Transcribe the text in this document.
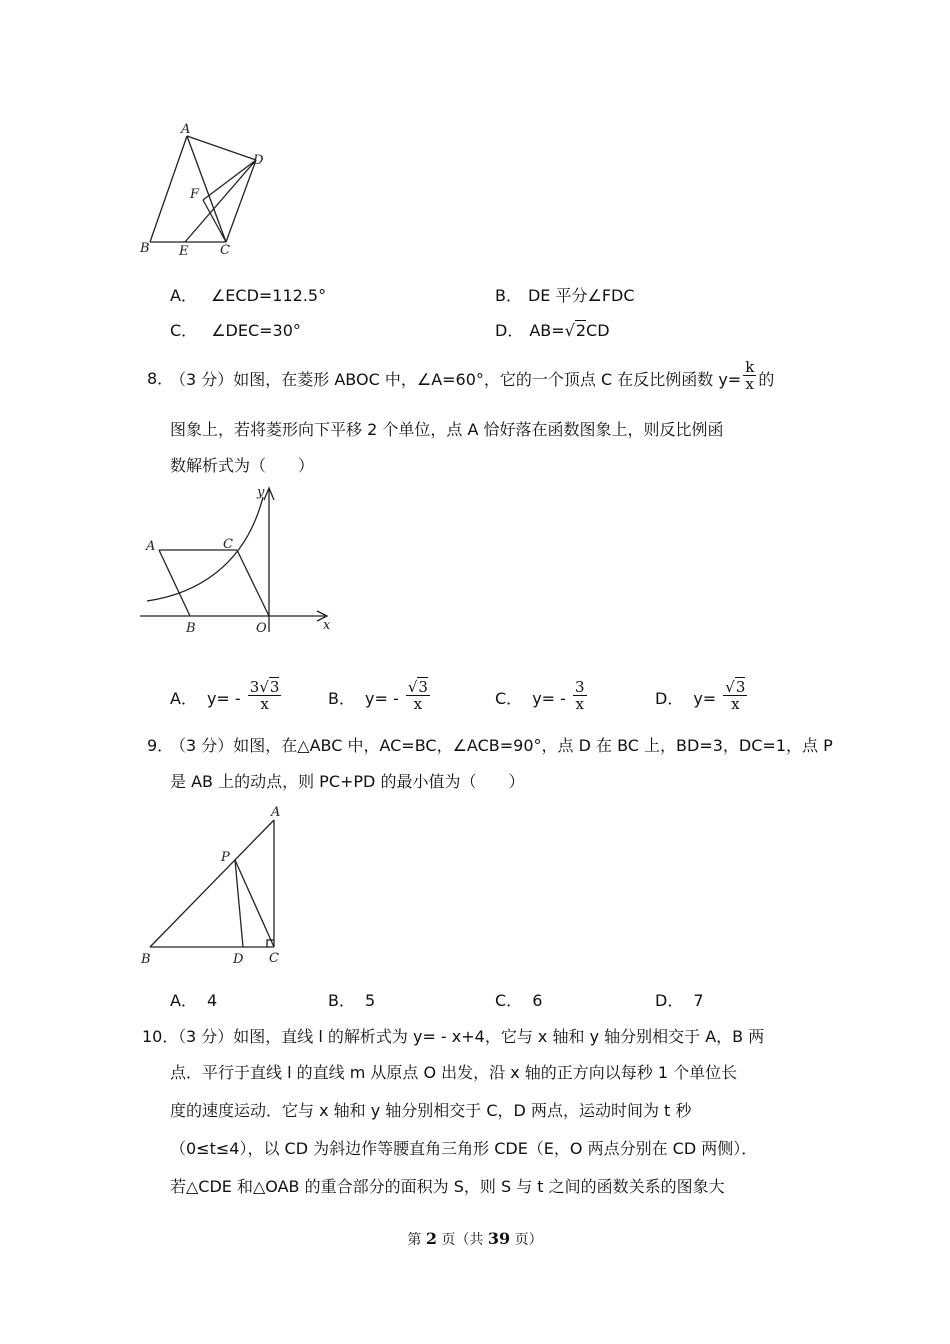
A
D
F
B E C
A． ∠ECD=112.5°	B． DE 平分∠FDC
C． ∠DEC=30°	D． AB=√2CD
8．
（3 分）如图，在菱形 ABOC 中，∠A=60°，它的一个顶点 C 在反比例函数 $y= \frac{k}{x}$ 的
图象上，若将菱形向下平移 2 个单位，点 A 恰好落在函数图象上，则反比例函
数解析式为（　　）
y
x
A	C
B	O
A． y= ‐ $\frac{3√3}{x}$	B． y= ‐ $\frac{√3}{x}$	C． y= ‐ $\frac{3}{x}$	D． $y= \frac{√3}{x}$
9．
（3 分）如图，在△ABC 中，AC=BC，∠ACB=90°，点 D 在 BC 上，BD=3，DC=1，点 P
是 AB 上的动点，则 PC+PD 的最小值为（　　）
A
P
B	D C
A． 4	B． 5	C． 6	D． 7
10．
（3 分）如图，直线 l 的解析式为 y= ‐ x+4，它与 x 轴和 y 轴分别相交于 A，B 两
点．平行于直线 l 的直线 m 从原点 O 出发，沿 x 轴的正方向以每秒 1 个单位长
度的速度运动．它与 x 轴和 y 轴分别相交于 C，D 两点，运动时间为 t 秒
（0≤t≤4），以 CD 为斜边作等腰直角三角形 CDE（E，O 两点分别在 CD 两侧）．
若△CDE 和△OAB 的重合部分的面积为 S，则 S 与 t 之间的函数关系的图象大
第 2 页（共 39 页）
